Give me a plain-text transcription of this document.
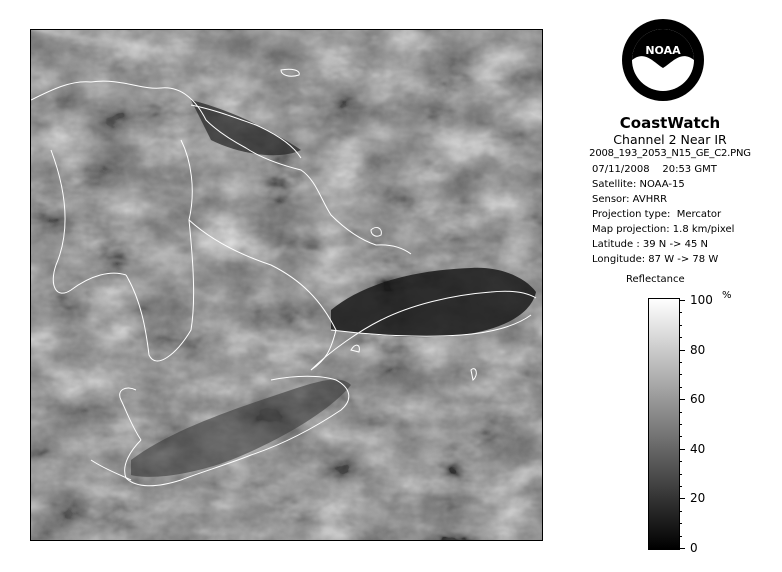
NOAA
CoastWatch
Channel 2 Near IR
2008_193_2053_N15_GE_C2.PNG
07/11/2008    20:53 GMT
Satellite: NOAA-15
Sensor: AVHRR
Projection type:  Mercator
Map projection: 1.8 km/pixel
Latitude : 39 N -> 45 N
Longitude: 87 W -> 78 W
Reflectance
%
100
80
60
40
20
0
